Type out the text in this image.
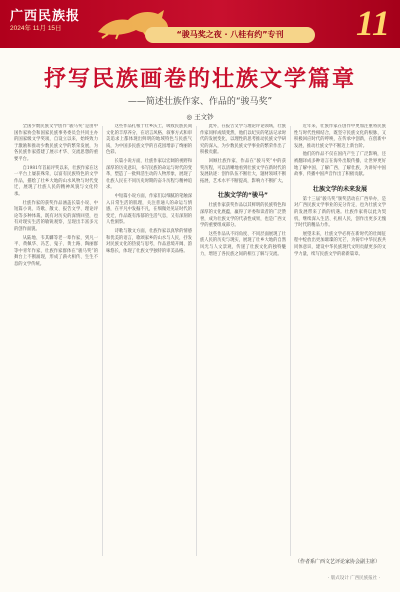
广西民族报
2024年 11月 15日
“骏马奖之夜 · 八桂有约”专刊	11
抒写民族画卷的壮族文学篇章
——简述壮族作家、作品的“骏马奖”
◎ 王文钞

全国少数民族文学创作“骏马奖”是由中国作家协会和国家民族事务委员会共同主办的国家级文学奖项，自设立以来，始终致力于激励和推动少数民族文学的繁荣发展，为各民族作家搭建了展示才华、交流思想的重要平台。

自1981年首届评奖以来，壮族作家在这一平台上屡获殊荣，以富有民族特色的文学作品，描绘了壮乡大地的山水风物与时代变迁，展现了壮族人民的精神风貌与文化传承。

壮族作家的获奖作品涵盖长篇小说、中短篇小说、诗歌、散文、报告文学、理论评论等多种体裁，既有对历史的深情回望，也有对现实生活的敏锐观察，呈现出丰富多元的创作面貌。

从陆地、韦其麟等老一辈作家，到凡一平、黄佩华、冯艺、鬼子、黄土路、陶丽群等中青年作家，壮族作家群体在“骏马奖”的舞台上不断涌现，形成了薪火相传、生生不息的文学传统。

这些作品扎根于壮乡沃土，吸收民族民间文化的丰厚养分，在语言风格、叙事方式和审美追求上都体现出鲜明的地域特色与民族气质，为中国多民族文学的百花园增添了绚丽的色彩。

长篇小说方面，壮族作家以宏阔的视野和深厚的历史意识，书写民族的命运与时代的变革，塑造了一批鲜活生动的人物形象，展现了壮族人民在不同历史时期的奋斗历程与精神追求。

中短篇小说方面，作家们以细腻的笔触深入日常生活的肌理，关注普通人的命运与情感，在平凡中发掘不凡，在细微处见证时代的变迁，作品既有浓郁的生活气息，又有深刻的人性洞察。

诗歌与散文方面，壮族作家以真挚的情感和优美的语言，歌颂家乡的山水与人民，抒发对民族文化的热爱与思考，作品意境开阔、韵味悠长，体现了壮族文学独特的审美品格。

此外，在报告文学与理论评论领域，壮族作家同样成绩斐然，他们以纪实的笔法记录时代的发展变化，以理性的思考推动民族文学研究的深入，为少数民族文学事业的繁荣作出了积极贡献。

回顾壮族作家、作品在“骏马奖”中的获奖历程，可以清晰地看到壮族文学在新时代的发展轨迹：创作队伍不断壮大，题材领域不断拓展，艺术水平不断提高，影响力不断扩大。

壮族文学的“骏马”

壮族作家获奖作品以其鲜明的民族特色和深厚的文化底蕴，赢得了评委和读者的广泛赞誉，成为壮族文学的代表性成果，也是广西文学的重要组成部分。

这些作品从不同角度、不同层面展现了壮族人民的历史与现实，展现了壮乡大地的自然风光与人文景观，传递了壮族文化的独特魅力，增进了各民族之间的相互了解与交流。

近年来，壮族作家在创作中更加注重将民族性与时代性相结合，既坚守民族文化的根脉，又积极回应时代的呼唤，在传承中创新，在创新中发展，推动壮族文学不断迈上新台阶。

他们的作品不仅在国内产生了广泛影响，还被翻译成多种语言在海外出版传播，让世界更好地了解中国、了解广西、了解壮族，为讲好中国故事、传播中国声音作出了积极贡献。

壮族文学的未来发展

第十三届“骏马奖”颁奖活动在广西举办，是对广西民族文学事业的充分肯定，也为壮族文学的发展带来了新的机遇。壮族作家将以此为契机，继续深入生活、扎根人民，创作出更多无愧于时代的精品力作。

展望未来，壮族文学必将在新时代的壮阔征程中绽放出更加璀璨的光芒，为铸牢中华民族共同体意识、建设中华民族现代文明贡献更多的文学力量，续写民族文学的崭新篇章。

（作者系广西文艺评论家协会副主席）
· 版式设计 广西民族报社 ·
